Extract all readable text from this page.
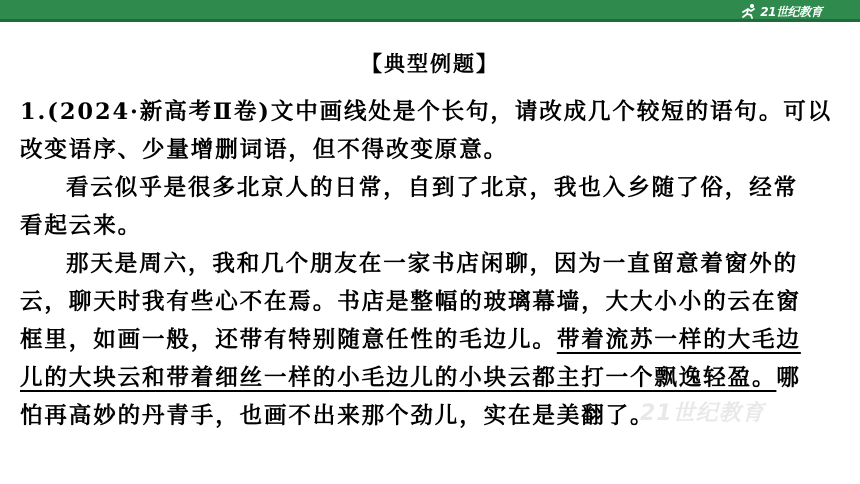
21世纪教育
【典型例题】
1.(2024·新高考Ⅱ卷)文中画线处是个长句，请改成几个较短的语句。可以
改变语序、少量增删词语，但不得改变原意。
看云似乎是很多北京人的日常，自到了北京，我也入乡随了俗，经常
看起云来。
那天是周六，我和几个朋友在一家书店闲聊，因为一直留意着窗外的
云，聊天时我有些心不在焉。书店是整幅的玻璃幕墙，大大小小的云在窗
框里，如画一般，还带有特别随意任性的毛边儿。带着流苏一样的大毛边
儿的大块云和带着细丝一样的小毛边儿的小块云都主打一个飘逸轻盈。哪
怕再高妙的丹青手，也画不出来那个劲儿，实在是美翻了。
21世纪教育
